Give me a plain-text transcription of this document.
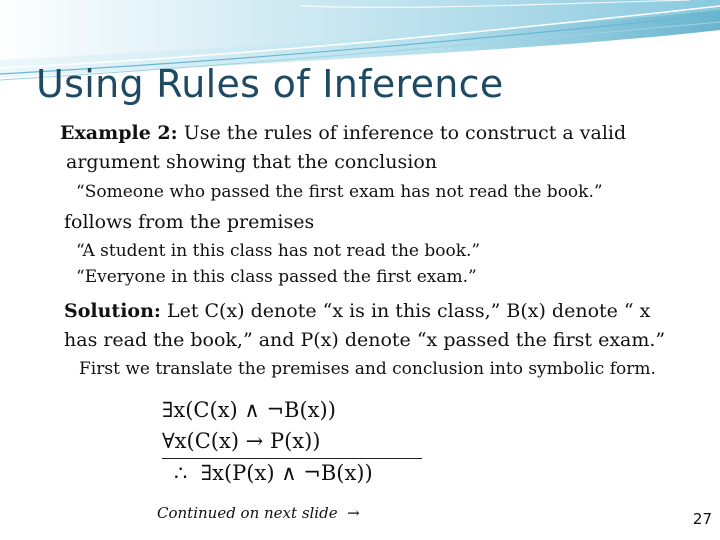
Using Rules of Inference
Example 2: Use the rules of inference to construct a valid
argument showing that the conclusion
“Someone who passed the first exam has not read the book.”
follows from the premises
“A student in this class has not read the book.”
“Everyone in this class passed the first exam.”
Solution: Let C(x) denote “x is in this class,” B(x) denote “ x
has read the book,” and P(x) denote “x passed the first exam.”
First we translate the premises and conclusion into symbolic form.
∃x(C(x) ∧ ¬B(x))
∀x(C(x) → P(x))
∴ ∃x(P(x) ∧ ¬B(x))
Continued on next slide →	27
